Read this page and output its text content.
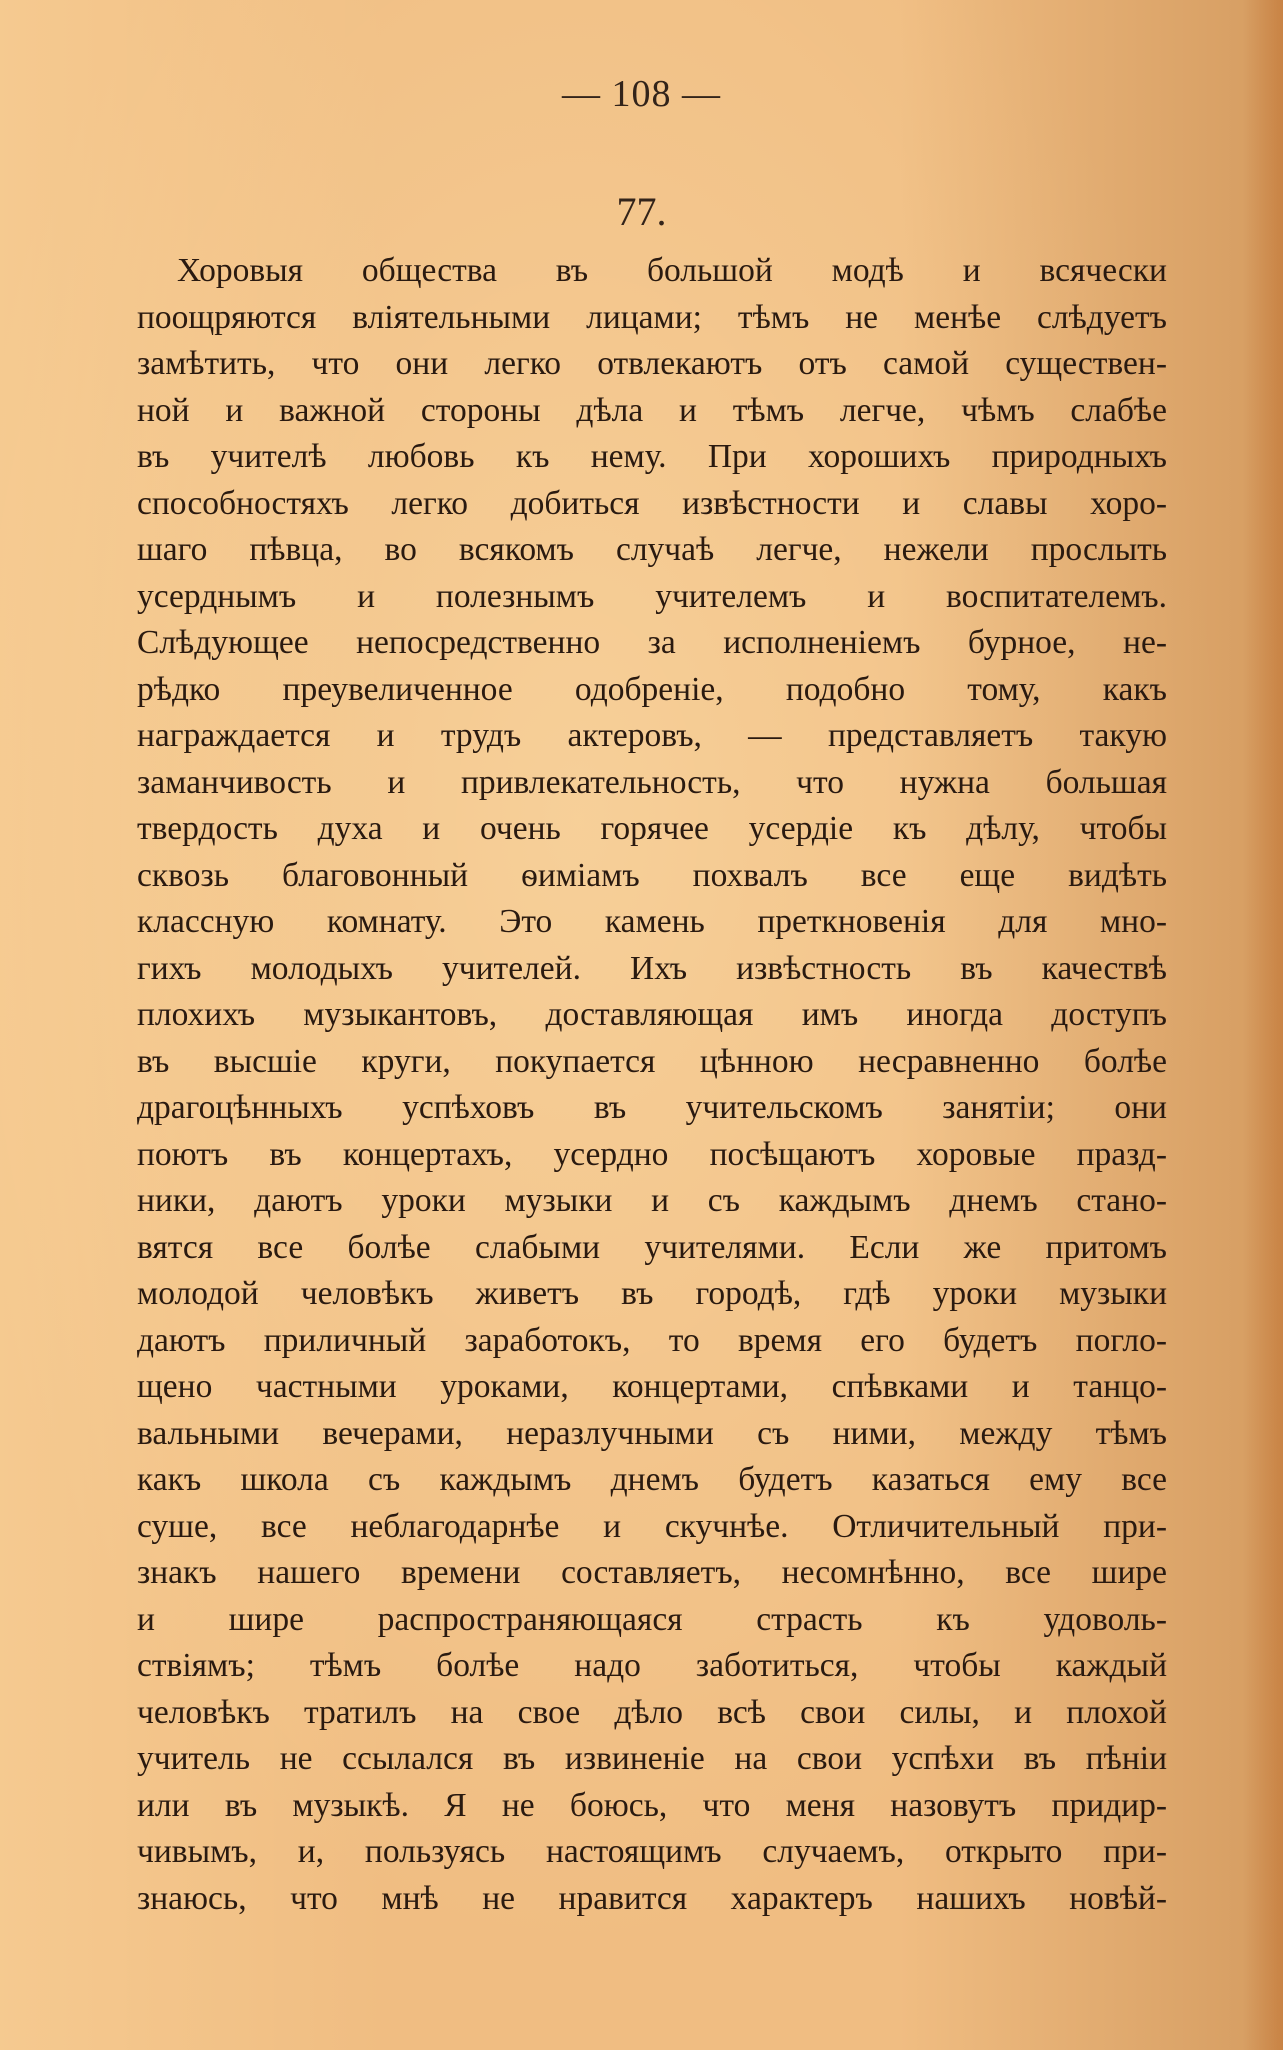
— 108 —
77.
Хоровыя общества въ большой модѣ и всячески
поощряются вліятельными лицами; тѣмъ не менѣе слѣдуетъ
замѣтить, что они легко отвлекаютъ отъ самой существен-
ной и важной стороны дѣла и тѣмъ легче, чѣмъ слабѣе
въ учителѣ любовь къ нему. При хорошихъ природныхъ
способностяхъ легко добиться извѣстности и славы хоро-
шаго пѣвца, во всякомъ случаѣ легче, нежели прослыть
усерднымъ и полезнымъ учителемъ и воспитателемъ.
Слѣдующее непосредственно за исполненіемъ бурное, не-
рѣдко преувеличенное одобреніе, подобно тому, какъ
награждается и трудъ актеровъ, — представляетъ такую
заманчивость и привлекательность, что нужна большая
твердость духа и очень горячее усердіе къ дѣлу, чтобы
сквозь благовонный ѳиміамъ похвалъ все еще видѣть
классную комнату. Это камень преткновенія для мно-
гихъ молодыхъ учителей. Ихъ извѣстность въ качествѣ
плохихъ музыкантовъ, доставляющая имъ иногда доступъ
въ высшіе круги, покупается цѣнною несравненно болѣе
драгоцѣнныхъ успѣховъ въ учительскомъ занятіи; они
поютъ въ концертахъ, усердно посѣщаютъ хоровые празд-
ники, даютъ уроки музыки и съ каждымъ днемъ стано-
вятся все болѣе слабыми учителями. Если же притомъ
молодой человѣкъ живетъ въ городѣ, гдѣ уроки музыки
даютъ приличный заработокъ, то время его будетъ погло-
щено частными уроками, концертами, спѣвками и танцо-
вальными вечерами, неразлучными съ ними, между тѣмъ
какъ школа съ каждымъ днемъ будетъ казаться ему все
суше, все неблагодарнѣе и скучнѣе. Отличительный при-
знакъ нашего времени составляетъ, несомнѣнно, все шире
и шире распространяющаяся страсть къ удоволь-
ствіямъ; тѣмъ болѣе надо заботиться, чтобы каждый
человѣкъ тратилъ на свое дѣло всѣ свои силы, и плохой
учитель не ссылался въ извиненіе на свои успѣхи въ пѣніи
или въ музыкѣ. Я не боюсь, что меня назовутъ придир-
чивымъ, и, пользуясь настоящимъ случаемъ, открыто при-
знаюсь, что мнѣ не нравится характеръ нашихъ новѣй-
